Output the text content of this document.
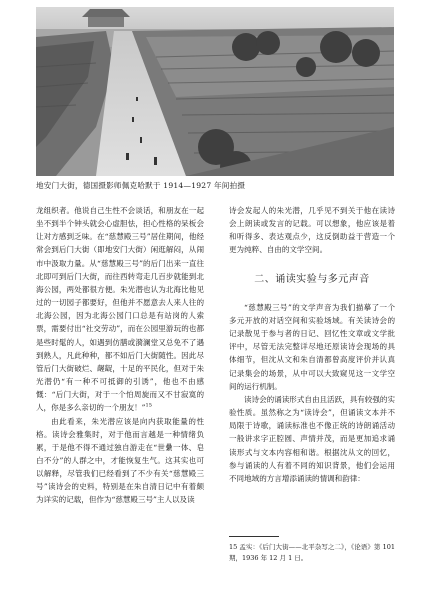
地安门大街，德国摄影师佩克哈默于 1914—1927 年间拍摄

龙组织者。他说自己生性不会谈话，和朋友在一起坐不到半个钟头就会心虚胆怯，担心性格的呆板会让对方感到乏味。在“慈慧殿三号”居住期间，他经常会到后门大街（即地安门大街）闲逛解闷，从闹市中汲取力量。从“慈慧殿三号”的后门出来一直往北即可到后门大街，而往西转弯走几百步就能到北海公园，两处都很方便。朱光潜也认为北海比他见过的一切园子都要好，但他并不愿意去人来人往的北海公园，因为北海公园门口总是有站岗的人索票，需要付出“社交劳动”，而在公园里游玩的也都是些时髦的人，如遇到仿膳或漪澜堂又总免不了遇到熟人，凡此种种，都不如后门大街随性。因此尽管后门大街破烂、龌龊，十足的平民化，但对于朱光潜仍“有一种不可抵御的引诱”，他也不由感慨：“后门大街，对于一个怕周旋而又不甘寂寞的人，你是多么亲切的一个朋友！”$^{15}$

由此看来，朱光潜应该是向内获取能量的性格。读诗会雅集时，对于他而言越是一种情绪负累，于是他不得不通过独自游走在“世纍一体、皂白不分”的人群之中，才能恢复生气。这其实也可以解释，尽管我们已经看到了不少有关“慈慧殿三号”读诗会的史料，特别是在朱自清日记中有着颇为详实的记载，但作为“慈慧殿三号”主人以及读

诗会发起人的朱光潜，几乎见不到关于他在读诗会上朗读或发言的记载。可以想象，他应该是着和听得多、表达观点少，这反倒助益于营造一个更为纯粹、自由的文学空间。

二、诵读实验与多元声音

“慈慧殿三号”的文学声音为我们描摹了一个多元开放的对话空间和实验场域。有关读诗会的记录散见于参与者的日记、回忆性文章或文学批评中，尽管无法完整详尽地还原读诗会现场的具体细节，但沈从文和朱自清都曾高度评价并认真记录集会的场景，从中可以大致窥见这一文学空间的运行机制。

读诗会的诵读形式自由且活跃，具有较强的实验性质。虽然称之为“读诗会”，但诵读文本并不局限于诗歌，诵读标准也不像正统的诗朗诵活动一般讲求字正腔圆、声情并茂，而是更加追求诵读形式与文本内容相和谐。根据沈从文的回忆，参与诵读的人有着不同的知识背景，他们会运用不同地域的方言增添诵读的情调和韵律：

15 孟实：《后门大街——北平杂写之二》，《论语》第 101 期，1936 年 12 月 1 日。
